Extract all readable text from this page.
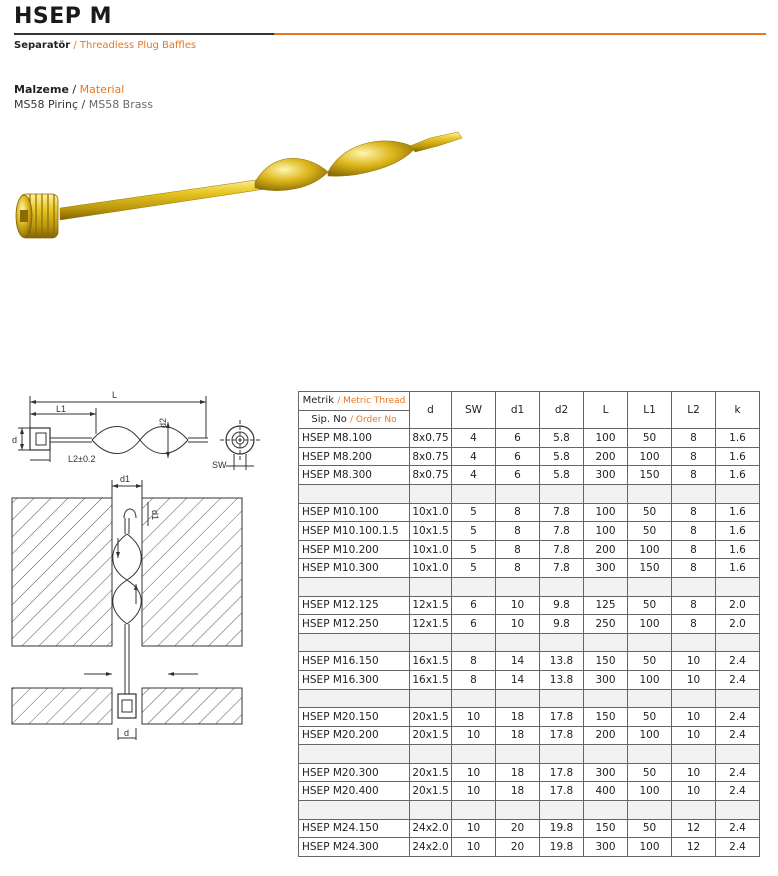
HSEP M
Separatör / Threadless Plug Baffles
Malzeme / Material
MS58 Pirinç / MS58 Brass
L
L1
d2
d
L2±0.2
SW
d1
d1
d
Metrik / Metric Thread	d	SW	d1	d2	L	L1	L2	k
Sip. No / Order No								
HSEP M8.100	8x0.75	4	6	5.8	100	50	8	1.6
HSEP M8.200	8x0.75	4	6	5.8	200	100	8	1.6
HSEP M8.300	8x0.75	4	6	5.8	300	150	8	1.6

HSEP M10.100	10x1.0	5	8	7.8	100	50	8	1.6
HSEP M10.100.1.5	10x1.5	5	8	7.8	100	50	8	1.6
HSEP M10.200	10x1.0	5	8	7.8	200	100	8	1.6
HSEP M10.300	10x1.0	5	8	7.8	300	150	8	1.6

HSEP M12.125	12x1.5	6	10	9.8	125	50	8	2.0
HSEP M12.250	12x1.5	6	10	9.8	250	100	8	2.0

HSEP M16.150	16x1.5	8	14	13.8	150	50	10	2.4
HSEP M16.300	16x1.5	8	14	13.8	300	100	10	2.4

HSEP M20.150	20x1.5	10	18	17.8	150	50	10	2.4
HSEP M20.200	20x1.5	10	18	17.8	200	100	10	2.4

HSEP M20.300	20x1.5	10	18	17.8	300	50	10	2.4
HSEP M20.400	20x1.5	10	18	17.8	400	100	10	2.4

HSEP M24.150	24x2.0	10	20	19.8	150	50	12	2.4
HSEP M24.300	24x2.0	10	20	19.8	300	100	12	2.4
